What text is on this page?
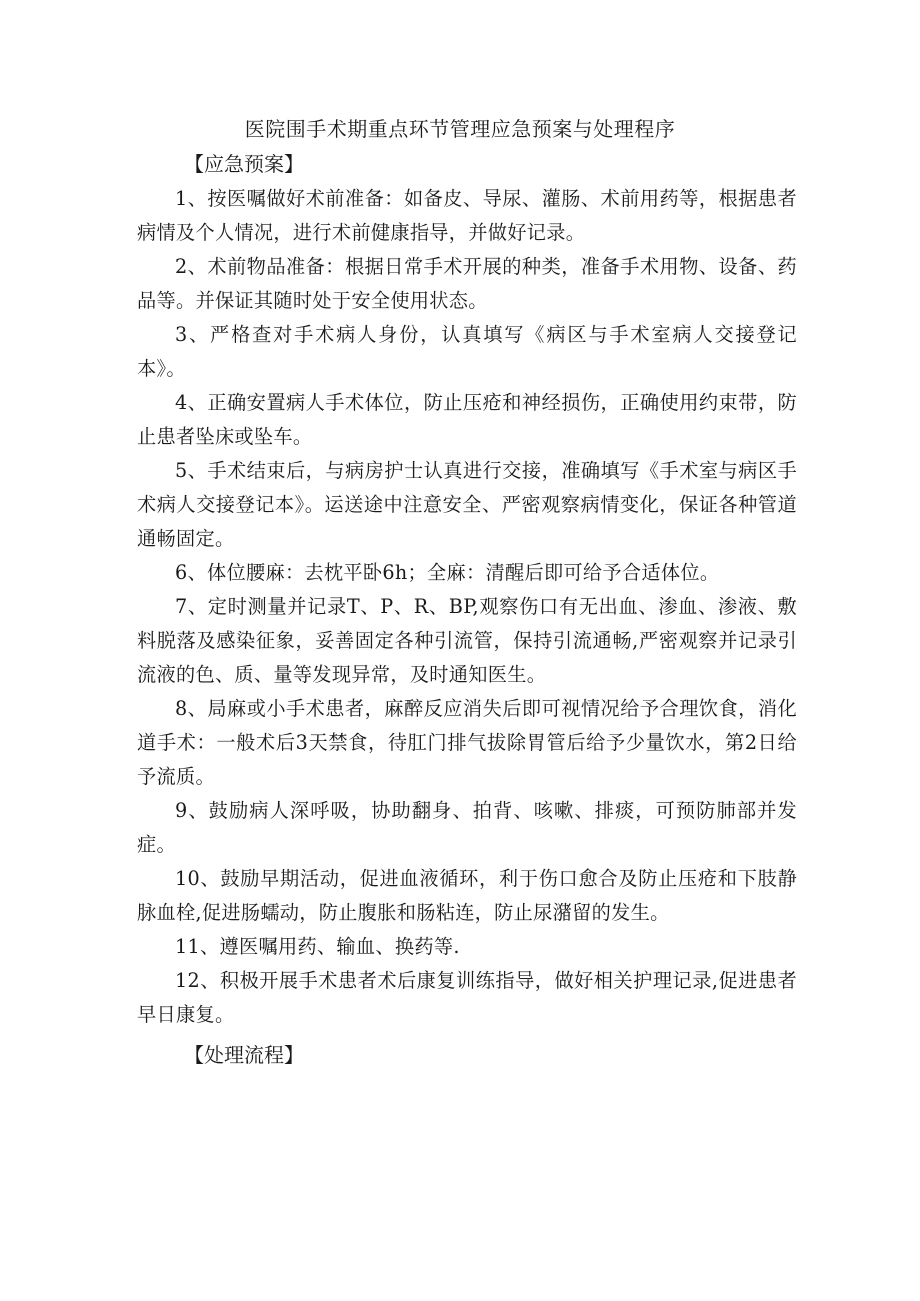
医院围手术期重点环节管理应急预案与处理程序

【应急预案】

1、按医嘱做好术前准备：如备皮、导尿、灌肠、术前用药等，根据患者病情及个人情况，进行术前健康指导，并做好记录。
2、术前物品准备：根据日常手术开展的种类，准备手术用物、设备、药品等。并保证其随时处于安全使用状态。
3、严格查对手术病人身份，认真填写《病区与手术室病人交接登记本》。
4、正确安置病人手术体位，防止压疮和神经损伤，正确使用约束带，防止患者坠床或坠车。
5、手术结束后，与病房护士认真进行交接，准确填写《手术室与病区手术病人交接登记本》。运送途中注意安全、严密观察病情变化，保证各种管道通畅固定。
6、体位腰麻：去枕平卧6h；全麻：清醒后即可给予合适体位。
7、定时测量并记录T、P、R、BP,观察伤口有无出血、渗血、渗液、敷料脱落及感染征象，妥善固定各种引流管，保持引流通畅,严密观察并记录引流液的色、质、量等发现异常，及时通知医生。
8、局麻或小手术患者，麻醉反应消失后即可视情况给予合理饮食，消化道手术：一般术后3天禁食，待肛门排气拔除胃管后给予少量饮水，第2日给予流质。
9、鼓励病人深呼吸，协助翻身、拍背、咳嗽、排痰，可预防肺部并发症。
10、鼓励早期活动，促进血液循环，利于伤口愈合及防止压疮和下肢静脉血栓,促进肠蠕动，防止腹胀和肠粘连，防止尿潴留的发生。
11、遵医嘱用药、输血、换药等.
12、积极开展手术患者术后康复训练指导，做好相关护理记录,促进患者早日康复。

【处理流程】
